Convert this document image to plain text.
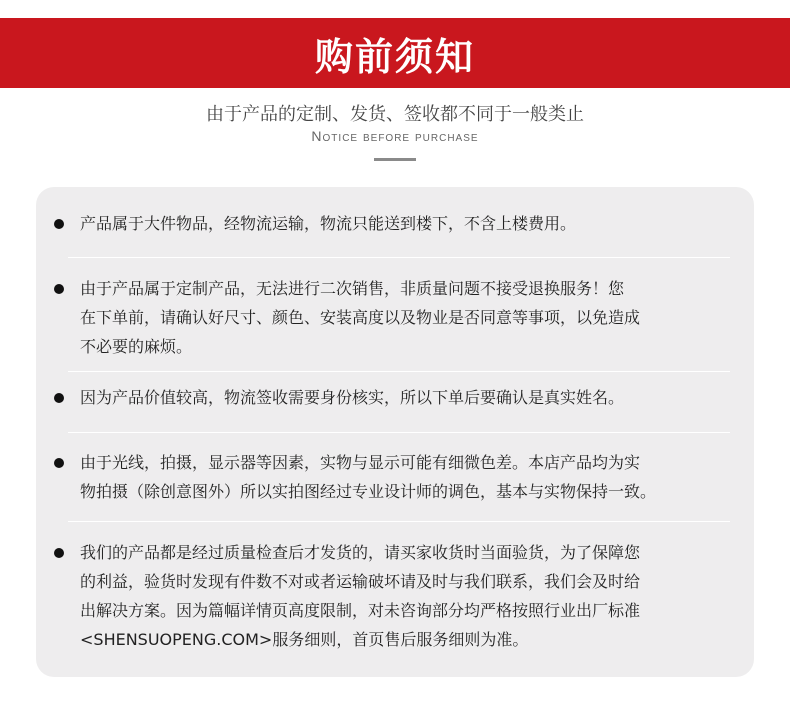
购前须知
由于产品的定制、发货、签收都不同于一般类止
Notice before purchase
产品属于大件物品，经物流运输，物流只能送到楼下，不含上楼费用。
由于产品属于定制产品，无法进行二次销售，非质量问题不接受退换服务！您
在下单前，请确认好尺寸、颜色、安装高度以及物业是否同意等事项，以免造成
不必要的麻烦。
因为产品价值较高，物流签收需要身份核实，所以下单后要确认是真实姓名。
由于光线，拍摄，显示器等因素，实物与显示可能有细微色差。本店产品均为实
物拍摄（除创意图外）所以实拍图经过专业设计师的调色，基本与实物保持一致。
我们的产品都是经过质量检查后才发货的，请买家收货时当面验货，为了保障您
的利益，验货时发现有件数不对或者运输破坏请及时与我们联系，我们会及时给
出解决方案。因为篇幅详情页高度限制，对未咨询部分均严格按照行业出厂标准
<SHENSUOPENG.COM>服务细则，首页售后服务细则为准。
